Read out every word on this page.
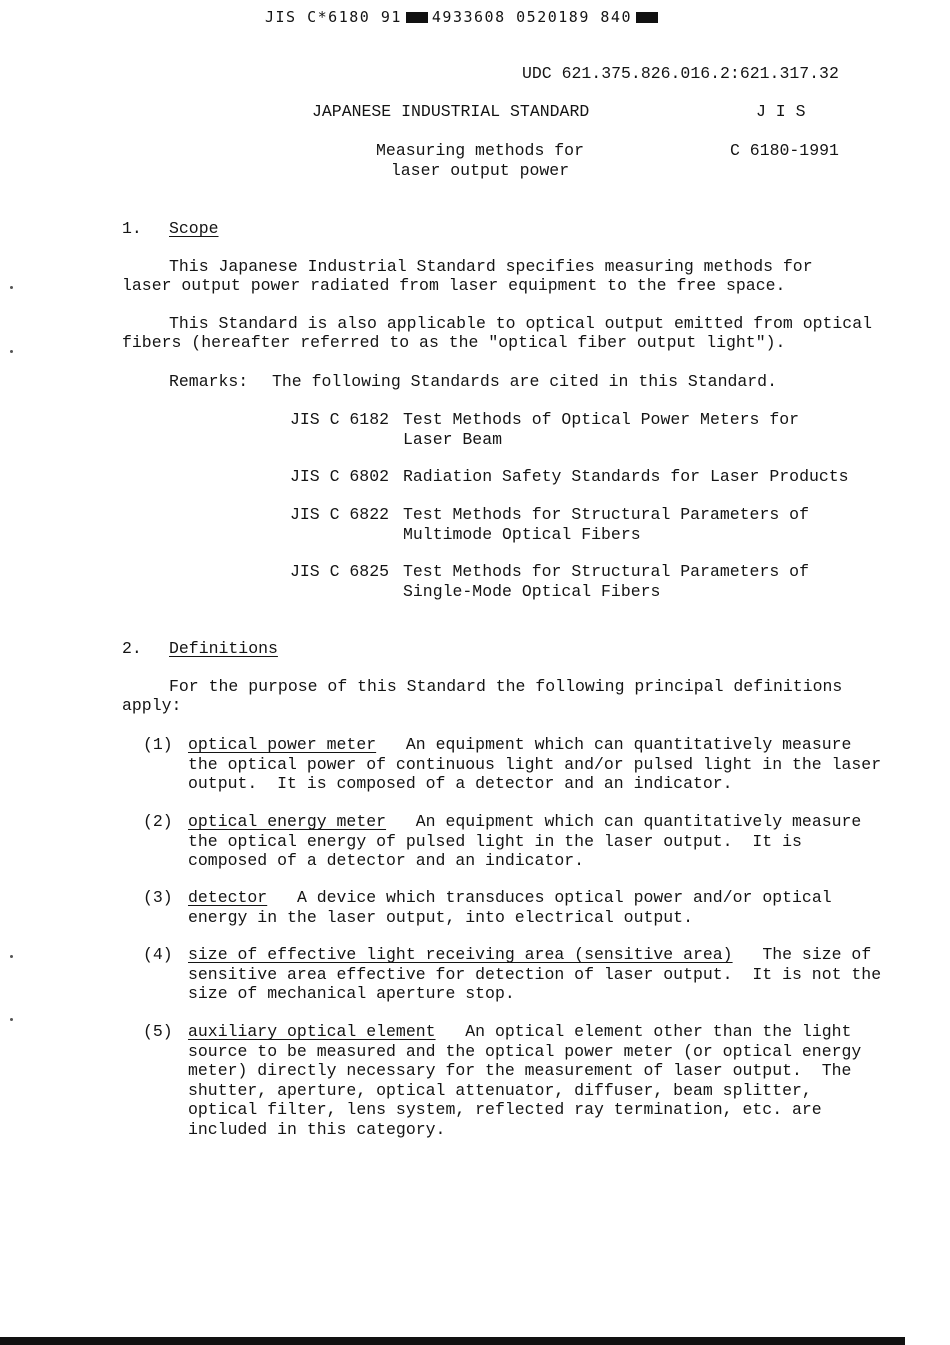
JIS C*6180 91 4933608 0520189 840
UDC 621.375.826.016.2:621.317.32
JAPANESE INDUSTRIAL STANDARD	J I S
Measuring methods for
laser output power
C 6180-1991
1. Scope
This Japanese Industrial Standard specifies measuring methods for
laser output power radiated from laser equipment to the free space.
This Standard is also applicable to optical output emitted from optical
fibers (hereafter referred to as the "optical fiber output light").
Remarks: The following Standards are cited in this Standard.
JIS C 6182 Test Methods of Optical Power Meters for
Laser Beam
JIS C 6802 Radiation Safety Standards for Laser Products
JIS C 6822 Test Methods for Structural Parameters of
Multimode Optical Fibers
JIS C 6825 Test Methods for Structural Parameters of
Single-Mode Optical Fibers
2. Definitions
For the purpose of this Standard the following principal definitions
apply:
(1) optical power meter An equipment which can quantitatively measure
the optical power of continuous light and/or pulsed light in the laser
output.  It is composed of a detector and an indicator.
(2) optical energy meter An equipment which can quantitatively measure
the optical energy of pulsed light in the laser output.  It is
composed of a detector and an indicator.
(3) detector A device which transduces optical power and/or optical
energy in the laser output, into electrical output.
(4) size of effective light receiving area (sensitive area) The size of
sensitive area effective for detection of laser output.  It is not the
size of mechanical aperture stop.
(5) auxiliary optical element An optical element other than the light
source to be measured and the optical power meter (or optical energy
meter) directly necessary for the measurement of laser output.  The
shutter, aperture, optical attenuator, diffuser, beam splitter,
optical filter, lens system, reflected ray termination, etc. are
included in this category.
